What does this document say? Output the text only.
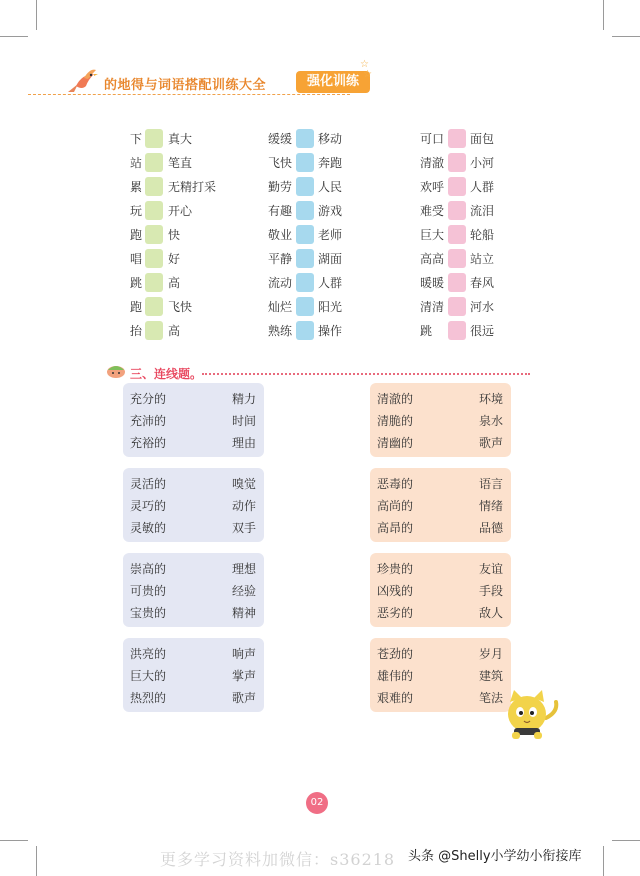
的地得与词语搭配训练大全	强化训练
☆
☆
下 真大
站 笔直
累 无精打采
玩 开心
跑 快
唱 好
跳 高
跑 飞快
抬 高
缓缓 移动
飞快 奔跑
勤劳 人民
有趣 游戏
敬业 老师
平静 湖面
流动 人群
灿烂 阳光
熟练 操作
可口 面包
清澈 小河
欢呼 人群
难受 流泪
巨大 轮船
高高 站立
暖暖 春风
清清 河水
跳	很远
三、连线题。
充分的	精力
充沛的	时间
充裕的	理由
灵活的	嗅觉
灵巧的	动作
灵敏的	双手
崇高的	理想
可贵的	经验
宝贵的	精神
洪亮的	响声
巨大的	掌声
热烈的	歌声
清澈的	环境
清脆的	泉水
清幽的	歌声
恶毒的	语言
高尚的	情绪
高昂的	品德
珍贵的	友谊
凶残的	手段
恶劣的	敌人
苍劲的	岁月
雄伟的	建筑
艰难的	笔法
02
更多学习资料加微信：s36218 头条 @Shelly小学幼小衔接库
